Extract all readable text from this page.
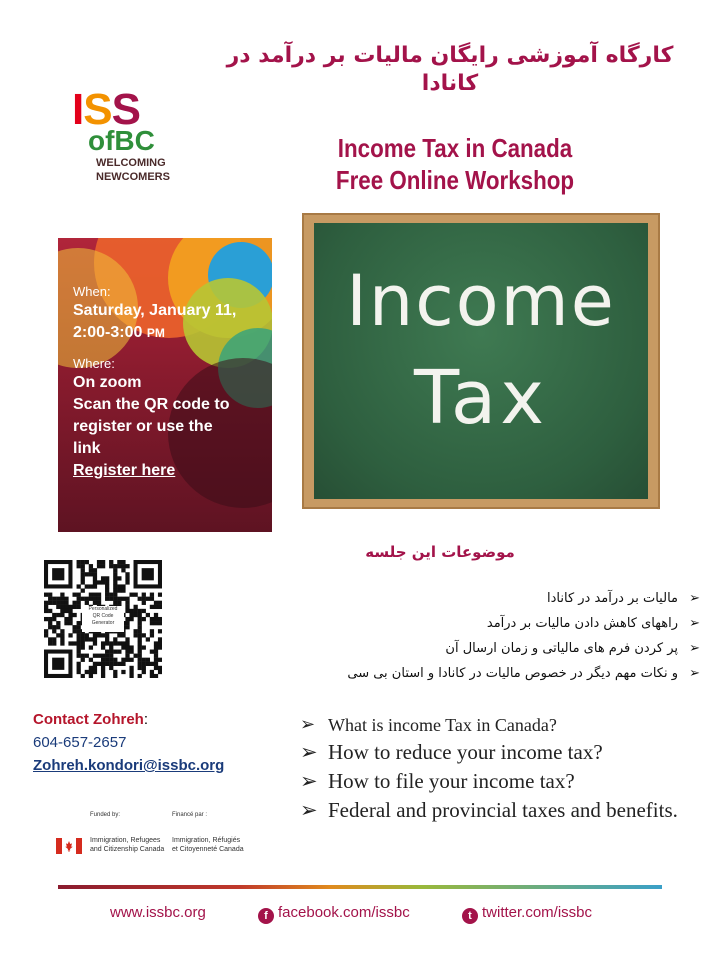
کارگاه آموزشی رایگان مالیات بر درآمد در کانادا
ISS
ofBC
WELCOMING
NEWCOMERS
Income Tax in Canada
Free Online Workshop
When:
Saturday, January 11,
2:00-3:00 PM
Where:
On zoom
Scan the QR code to
register or use the
link
Register here
Income
Tax
موضوعات این جلسه
➢
مالیات بر درآمد در کانادا
➢
راههای کاهش دادن مالیات بر درآمد
➢
پر کردن فرم های مالیاتی و زمان ارسال آن
➢
و نکات مهم دیگر در خصوص مالیات در کانادا و استان بی سی
Personalized
QR Code
Generator
Contact Zohreh:
604-657-2657
Zohreh.kondori@issbc.org
➢ What is income Tax in Canada?
➢ How to reduce your income tax?
➢ How to file your income tax?
➢ Federal and provincial taxes and benefits.
Funded by:	Financé par :
Immigration, Refugees
and Citizenship Canada
Immigration, Réfugiés
et Citoyenneté Canada
www.issbc.org	f facebook.com/issbc	t twitter.com/issbc
